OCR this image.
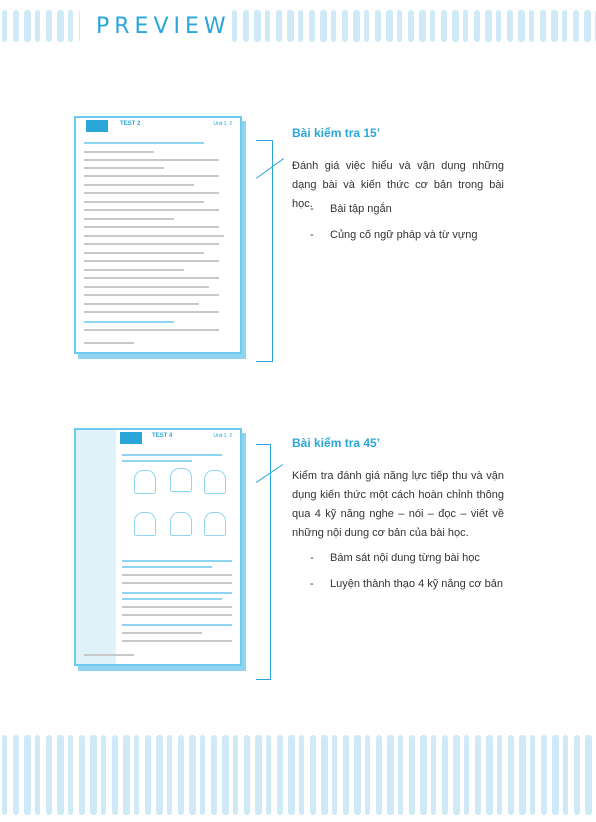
PREVIEW
TEST 2	Unit 1, 2
Bài kiểm tra 15’
Đánh giá việc hiểu và vận dụng những dạng bài và kiến thức cơ bản trong bài học.
-	Bài tập ngắn
- Củng cố ngữ pháp và từ vựng
TEST 4	Unit 1, 2	Bài kiểm tra 45’
Kiểm tra đánh giá năng lực tiếp thu và vận dụng kiến thức một cách hoàn chỉnh thông qua 4 kỹ năng nghe – nói – đọc – viết về những nội dung cơ bản của bài học.
- Bám sát nội dung từng bài học
- Luyện thành thạo 4 kỹ năng cơ bản
